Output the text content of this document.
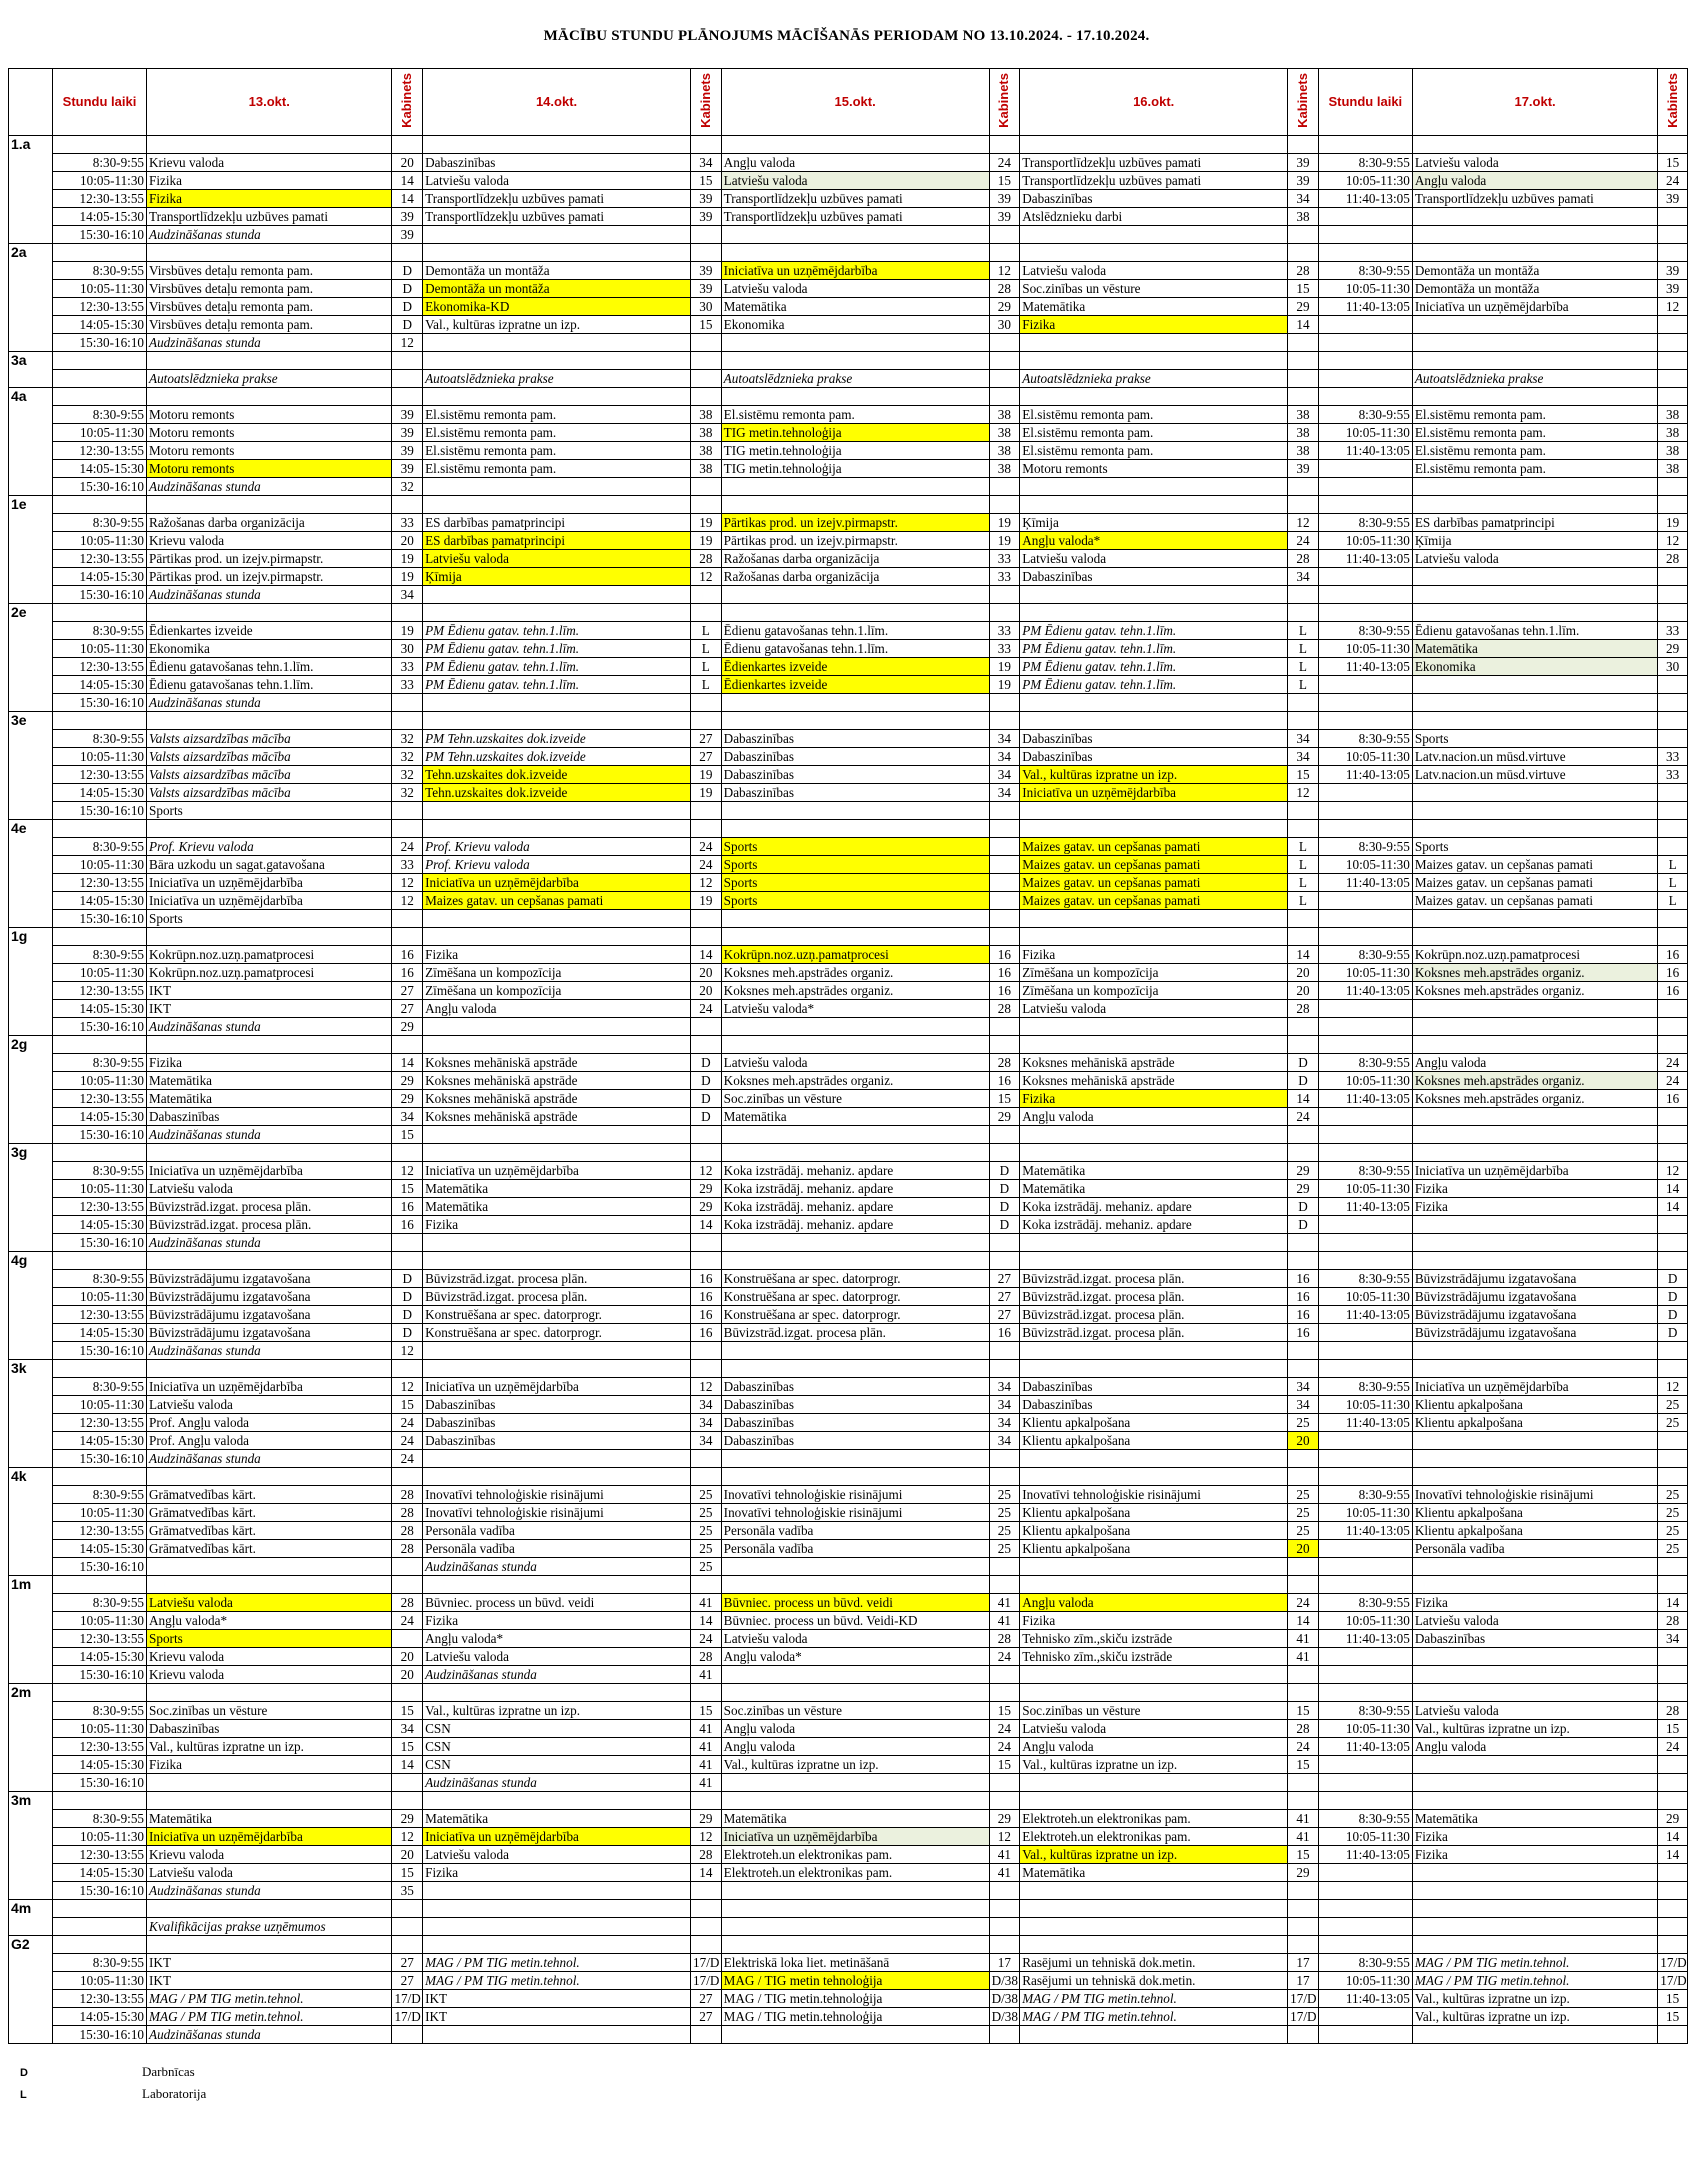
MĀCĪBU STUNDU PLĀNOJUMS MĀCĪŠANĀS PERIODAM NO 13.10.2024. - 17.10.2024.
	Stundu laiki	13.okt.	Kabinets	14.okt.	Kabinets	15.okt.	Kabinets	16.okt.	Kabinets	Stundu laiki	17.okt.	Kabinets
1.a												
	8:30-9:55	Krievu valoda	20	Dabaszinības	34	Angļu valoda	24	Transportlīdzekļu uzbūves pamati	39	8:30-9:55	Latviešu valoda	15
	10:05-11:30	Fizika	14	Latviešu valoda	15	Latviešu valoda	15	Transportlīdzekļu uzbūves pamati	39	10:05-11:30	Angļu valoda	24
	12:30-13:55	Fizika	14	Transportlīdzekļu uzbūves pamati	39	Transportlīdzekļu uzbūves pamati	39	Dabaszinības	34	11:40-13:05	Transportlīdzekļu uzbūves pamati	39
	14:05-15:30	Transportlīdzekļu uzbūves pamati	39	Transportlīdzekļu uzbūves pamati	39	Transportlīdzekļu uzbūves pamati	39	Atslēdznieku darbi	38			
	15:30-16:10	Audzināšanas stunda	39									
2a												
	8:30-9:55	Virsbūves detaļu remonta pam.	D	Demontāža un montāža	39	Iniciatīva un uzņēmējdarbība	12	Latviešu valoda	28	8:30-9:55	Demontāža un montāža	39
	10:05-11:30	Virsbūves detaļu remonta pam.	D	Demontāža un montāža	39	Latviešu valoda	28	Soc.zinības un vēsture	15	10:05-11:30	Demontāža un montāža	39
	12:30-13:55	Virsbūves detaļu remonta pam.	D	Ekonomika-KD	30	Matemātika	29	Matemātika	29	11:40-13:05	Iniciatīva un uzņēmējdarbība	12
	14:05-15:30	Virsbūves detaļu remonta pam.	D	Val., kultūras izpratne un izp.	15	Ekonomika	30	Fizika	14			
	15:30-16:10	Audzināšanas stunda	12									
3a												
		Autoatslēdznieka prakse		Autoatslēdznieka prakse		Autoatslēdznieka prakse		Autoatslēdznieka prakse			Autoatslēdznieka prakse	
4a												
	8:30-9:55	Motoru remonts	39	El.sistēmu remonta pam.	38	El.sistēmu remonta pam.	38	El.sistēmu remonta pam.	38	8:30-9:55	El.sistēmu remonta pam.	38
	10:05-11:30	Motoru remonts	39	El.sistēmu remonta pam.	38	TIG metin.tehnoloģija	38	El.sistēmu remonta pam.	38	10:05-11:30	El.sistēmu remonta pam.	38
	12:30-13:55	Motoru remonts	39	El.sistēmu remonta pam.	38	TIG metin.tehnoloģija	38	El.sistēmu remonta pam.	38	11:40-13:05	El.sistēmu remonta pam.	38
	14:05-15:30	Motoru remonts	39	El.sistēmu remonta pam.	38	TIG metin.tehnoloģija	38	Motoru remonts	39		El.sistēmu remonta pam.	38
	15:30-16:10	Audzināšanas stunda	32									
1e												
	8:30-9:55	Ražošanas darba organizācija	33	ES darbības pamatprincipi	19	Pārtikas prod. un izejv.pirmapstr.	19	Ķīmija	12	8:30-9:55	ES darbības pamatprincipi	19
	10:05-11:30	Krievu valoda	20	ES darbības pamatprincipi	19	Pārtikas prod. un izejv.pirmapstr.	19	Angļu valoda*	24	10:05-11:30	Ķīmija	12
	12:30-13:55	Pārtikas prod. un izejv.pirmapstr.	19	Latviešu valoda	28	Ražošanas darba organizācija	33	Latviešu valoda	28	11:40-13:05	Latviešu valoda	28
	14:05-15:30	Pārtikas prod. un izejv.pirmapstr.	19	Ķīmija	12	Ražošanas darba organizācija	33	Dabaszinības	34			
	15:30-16:10	Audzināšanas stunda	34									
2e												
	8:30-9:55	Ēdienkartes izveide	19	PM Ēdienu gatav. tehn.1.līm.	L	Ēdienu gatavošanas tehn.1.līm.	33	PM Ēdienu gatav. tehn.1.līm.	L	8:30-9:55	Ēdienu gatavošanas tehn.1.līm.	33
	10:05-11:30	Ekonomika	30	PM Ēdienu gatav. tehn.1.līm.	L	Ēdienu gatavošanas tehn.1.līm.	33	PM Ēdienu gatav. tehn.1.līm.	L	10:05-11:30	Matemātika	29
	12:30-13:55	Ēdienu gatavošanas tehn.1.līm.	33	PM Ēdienu gatav. tehn.1.līm.	L	Ēdienkartes izveide	19	PM Ēdienu gatav. tehn.1.līm.	L	11:40-13:05	Ekonomika	30
	14:05-15:30	Ēdienu gatavošanas tehn.1.līm.	33	PM Ēdienu gatav. tehn.1.līm.	L	Ēdienkartes izveide	19	PM Ēdienu gatav. tehn.1.līm.	L			
	15:30-16:10	Audzināšanas stunda										
3e												
	8:30-9:55	Valsts aizsardzības mācība	32	PM Tehn.uzskaites dok.izveide	27	Dabaszinības	34	Dabaszinības	34	8:30-9:55	Sports	
	10:05-11:30	Valsts aizsardzības mācība	32	PM Tehn.uzskaites dok.izveide	27	Dabaszinības	34	Dabaszinības	34	10:05-11:30	Latv.nacion.un mūsd.virtuve	33
	12:30-13:55	Valsts aizsardzības mācība	32	Tehn.uzskaites dok.izveide	19	Dabaszinības	34	Val., kultūras izpratne un izp.	15	11:40-13:05	Latv.nacion.un mūsd.virtuve	33
	14:05-15:30	Valsts aizsardzības mācība	32	Tehn.uzskaites dok.izveide	19	Dabaszinības	34	Iniciatīva un uzņēmējdarbība	12			
	15:30-16:10	Sports										
4e												
	8:30-9:55	Prof. Krievu valoda	24	Prof. Krievu valoda	24	Sports		Maizes gatav. un cepšanas pamati	L	8:30-9:55	Sports	
	10:05-11:30	Bāra uzkodu un sagat.gatavošana	33	Prof. Krievu valoda	24	Sports		Maizes gatav. un cepšanas pamati	L	10:05-11:30	Maizes gatav. un cepšanas pamati	L
	12:30-13:55	Iniciatīva un uzņēmējdarbība	12	Iniciatīva un uzņēmējdarbība	12	Sports		Maizes gatav. un cepšanas pamati	L	11:40-13:05	Maizes gatav. un cepšanas pamati	L
	14:05-15:30	Iniciatīva un uzņēmējdarbība	12	Maizes gatav. un cepšanas pamati	19	Sports		Maizes gatav. un cepšanas pamati	L		Maizes gatav. un cepšanas pamati	L
	15:30-16:10	Sports										
1g												
	8:30-9:55	Kokrūpn.noz.uzņ.pamatprocesi	16	Fizika	14	Kokrūpn.noz.uzņ.pamatprocesi	16	Fizika	14	8:30-9:55	Kokrūpn.noz.uzņ.pamatprocesi	16
	10:05-11:30	Kokrūpn.noz.uzņ.pamatprocesi	16	Zīmēšana un kompozīcija	20	Koksnes meh.apstrādes organiz.	16	Zīmēšana un kompozīcija	20	10:05-11:30	Koksnes meh.apstrādes organiz.	16
	12:30-13:55	IKT	27	Zīmēšana un kompozīcija	20	Koksnes meh.apstrādes organiz.	16	Zīmēšana un kompozīcija	20	11:40-13:05	Koksnes meh.apstrādes organiz.	16
	14:05-15:30	IKT	27	Angļu valoda	24	Latviešu valoda*	28	Latviešu valoda	28			
	15:30-16:10	Audzināšanas stunda	29									
2g												
	8:30-9:55	Fizika	14	Koksnes mehāniskā apstrāde	D	Latviešu valoda	28	Koksnes mehāniskā apstrāde	D	8:30-9:55	Angļu valoda	24
	10:05-11:30	Matemātika	29	Koksnes mehāniskā apstrāde	D	Koksnes meh.apstrādes organiz.	16	Koksnes mehāniskā apstrāde	D	10:05-11:30	Koksnes meh.apstrādes organiz.	24
	12:30-13:55	Matemātika	29	Koksnes mehāniskā apstrāde	D	Soc.zinības un vēsture	15	Fizika	14	11:40-13:05	Koksnes meh.apstrādes organiz.	16
	14:05-15:30	Dabaszinības	34	Koksnes mehāniskā apstrāde	D	Matemātika	29	Angļu valoda	24			
	15:30-16:10	Audzināšanas stunda	15									
3g												
	8:30-9:55	Iniciatīva un uzņēmējdarbība	12	Iniciatīva un uzņēmējdarbība	12	Koka izstrādāj. mehaniz. apdare	D	Matemātika	29	8:30-9:55	Iniciatīva un uzņēmējdarbība	12
	10:05-11:30	Latviešu valoda	15	Matemātika	29	Koka izstrādāj. mehaniz. apdare	D	Matemātika	29	10:05-11:30	Fizika	14
	12:30-13:55	Būvizstrād.izgat. procesa plān.	16	Matemātika	29	Koka izstrādāj. mehaniz. apdare	D	Koka izstrādāj. mehaniz. apdare	D	11:40-13:05	Fizika	14
	14:05-15:30	Būvizstrād.izgat. procesa plān.	16	Fizika	14	Koka izstrādāj. mehaniz. apdare	D	Koka izstrādāj. mehaniz. apdare	D			
	15:30-16:10	Audzināšanas stunda										
4g												
	8:30-9:55	Būvizstrādājumu izgatavošana	D	Būvizstrād.izgat. procesa plān.	16	Konstruēšana ar spec. datorprogr.	27	Būvizstrād.izgat. procesa plān.	16	8:30-9:55	Būvizstrādājumu izgatavošana	D
	10:05-11:30	Būvizstrādājumu izgatavošana	D	Būvizstrād.izgat. procesa plān.	16	Konstruēšana ar spec. datorprogr.	27	Būvizstrād.izgat. procesa plān.	16	10:05-11:30	Būvizstrādājumu izgatavošana	D
	12:30-13:55	Būvizstrādājumu izgatavošana	D	Konstruēšana ar spec. datorprogr.	16	Konstruēšana ar spec. datorprogr.	27	Būvizstrād.izgat. procesa plān.	16	11:40-13:05	Būvizstrādājumu izgatavošana	D
	14:05-15:30	Būvizstrādājumu izgatavošana	D	Konstruēšana ar spec. datorprogr.	16	Būvizstrād.izgat. procesa plān.	16	Būvizstrād.izgat. procesa plān.	16		Būvizstrādājumu izgatavošana	D
	15:30-16:10	Audzināšanas stunda	12									
3k												
	8:30-9:55	Iniciatīva un uzņēmējdarbība	12	Iniciatīva un uzņēmējdarbība	12	Dabaszinības	34	Dabaszinības	34	8:30-9:55	Iniciatīva un uzņēmējdarbība	12
	10:05-11:30	Latviešu valoda	15	Dabaszinības	34	Dabaszinības	34	Dabaszinības	34	10:05-11:30	Klientu apkalpošana	25
	12:30-13:55	Prof. Angļu valoda	24	Dabaszinības	34	Dabaszinības	34	Klientu apkalpošana	25	11:40-13:05	Klientu apkalpošana	25
	14:05-15:30	Prof. Angļu valoda	24	Dabaszinības	34	Dabaszinības	34	Klientu apkalpošana	20			
	15:30-16:10	Audzināšanas stunda	24									
4k												
	8:30-9:55	Grāmatvedības kārt.	28	Inovatīvi tehnoloģiskie risinājumi	25	Inovatīvi tehnoloģiskie risinājumi	25	Inovatīvi tehnoloģiskie risinājumi	25	8:30-9:55	Inovatīvi tehnoloģiskie risinājumi	25
	10:05-11:30	Grāmatvedības kārt.	28	Inovatīvi tehnoloģiskie risinājumi	25	Inovatīvi tehnoloģiskie risinājumi	25	Klientu apkalpošana	25	10:05-11:30	Klientu apkalpošana	25
	12:30-13:55	Grāmatvedības kārt.	28	Personāla vadība	25	Personāla vadība	25	Klientu apkalpošana	25	11:40-13:05	Klientu apkalpošana	25
	14:05-15:30	Grāmatvedības kārt.	28	Personāla vadība	25	Personāla vadība	25	Klientu apkalpošana	20		Personāla vadība	25
	15:30-16:10			Audzināšanas stunda	25							
1m												
	8:30-9:55	Latviešu valoda	28	Būvniec. process un būvd. veidi	41	Būvniec. process un būvd. veidi	41	Angļu valoda	24	8:30-9:55	Fizika	14
	10:05-11:30	Angļu valoda*	24	Fizika	14	Būvniec. process un būvd. Veidi-KD	41	Fizika	14	10:05-11:30	Latviešu valoda	28
	12:30-13:55	Sports		Angļu valoda*	24	Latviešu valoda	28	Tehnisko zīm.,skiču izstrāde	41	11:40-13:05	Dabaszinības	34
	14:05-15:30	Krievu valoda	20	Latviešu valoda	28	Angļu valoda*	24	Tehnisko zīm.,skiču izstrāde	41			
	15:30-16:10	Krievu valoda	20	Audzināšanas stunda	41							
2m												
	8:30-9:55	Soc.zinības un vēsture	15	Val., kultūras izpratne un izp.	15	Soc.zinības un vēsture	15	Soc.zinības un vēsture	15	8:30-9:55	Latviešu valoda	28
	10:05-11:30	Dabaszinības	34	CSN	41	Angļu valoda	24	Latviešu valoda	28	10:05-11:30	Val., kultūras izpratne un izp.	15
	12:30-13:55	Val., kultūras izpratne un izp.	15	CSN	41	Angļu valoda	24	Angļu valoda	24	11:40-13:05	Angļu valoda	24
	14:05-15:30	Fizika	14	CSN	41	Val., kultūras izpratne un izp.	15	Val., kultūras izpratne un izp.	15			
	15:30-16:10			Audzināšanas stunda	41							
3m												
	8:30-9:55	Matemātika	29	Matemātika	29	Matemātika	29	Elektroteh.un elektronikas pam.	41	8:30-9:55	Matemātika	29
	10:05-11:30	Iniciatīva un uzņēmējdarbība	12	Iniciatīva un uzņēmējdarbība	12	Iniciatīva un uzņēmējdarbība	12	Elektroteh.un elektronikas pam.	41	10:05-11:30	Fizika	14
	12:30-13:55	Krievu valoda	20	Latviešu valoda	28	Elektroteh.un elektronikas pam.	41	Val., kultūras izpratne un izp.	15	11:40-13:05	Fizika	14
	14:05-15:30	Latviešu valoda	15	Fizika	14	Elektroteh.un elektronikas pam.	41	Matemātika	29			
	15:30-16:10	Audzināšanas stunda	35									
4m												
		Kvalifikācijas prakse uzņēmumos										
G2												
	8:30-9:55	IKT	27	MAG / PM TIG metin.tehnol.	17/D	Elektriskā loka liet. metināšanā	17	Rasējumi un tehniskā dok.metin.	17	8:30-9:55	MAG / PM TIG metin.tehnol.	17/D
	10:05-11:30	IKT	27	MAG / PM TIG metin.tehnol.	17/D	MAG / TIG metin tehnoloģija	D/38	Rasējumi un tehniskā dok.metin.	17	10:05-11:30	MAG / PM TIG metin.tehnol.	17/D
	12:30-13:55	MAG / PM TIG metin.tehnol.	17/D	IKT	27	MAG / TIG metin.tehnoloģija	D/38	MAG / PM TIG metin.tehnol.	17/D	11:40-13:05	Val., kultūras izpratne un izp.	15
	14:05-15:30	MAG / PM TIG metin.tehnol.	17/D	IKT	27	MAG / TIG metin.tehnoloģija	D/38	MAG / PM TIG metin.tehnol.	17/D		Val., kultūras izpratne un izp.	15
	15:30-16:10	Audzināšanas stunda										
D	Darbnīcas
L	Laboratorija
